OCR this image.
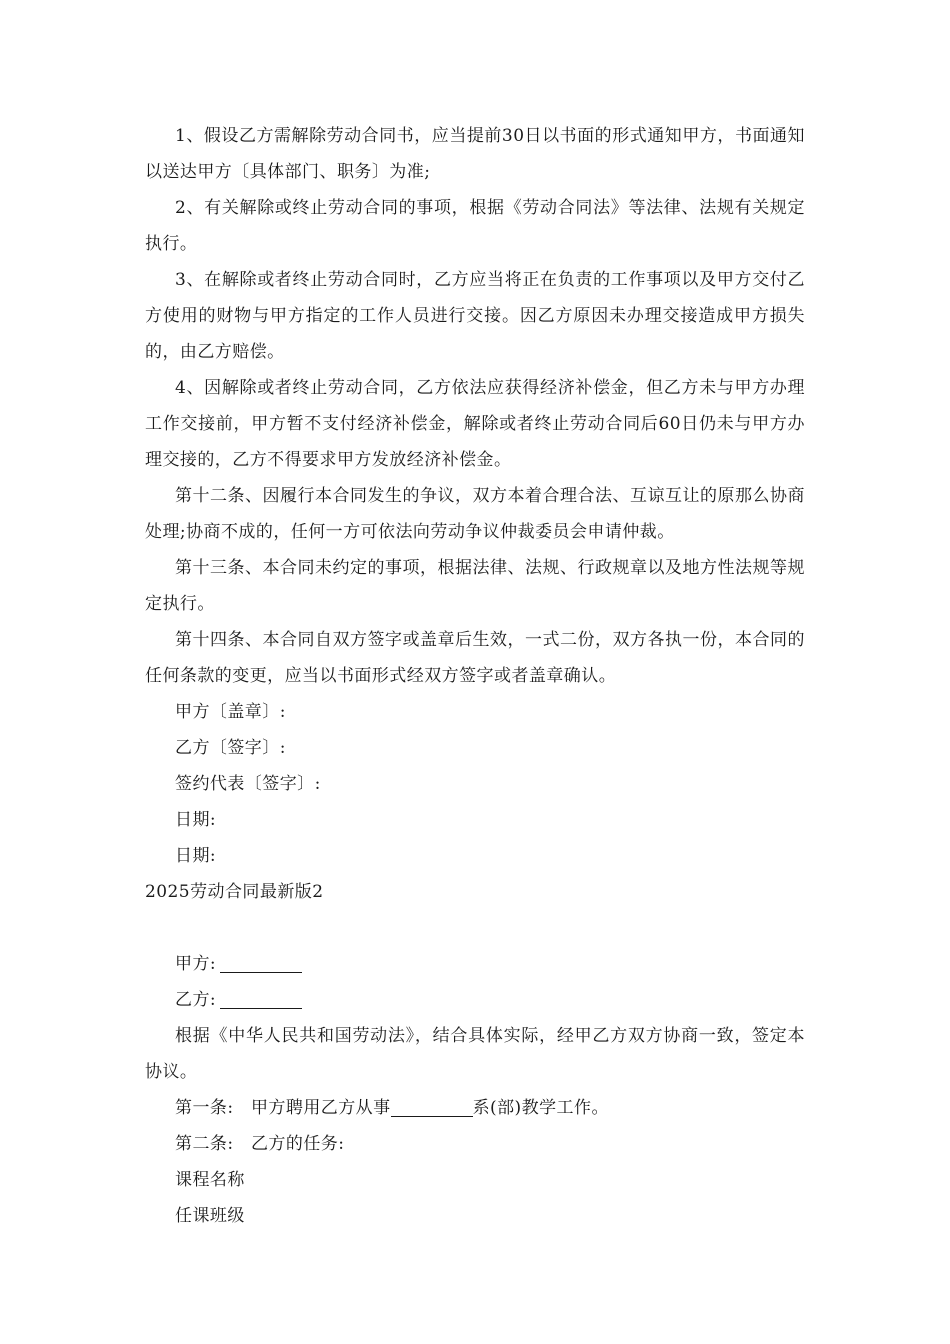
1、假设乙方需解除劳动合同书，应当提前30日以书面的形式通知甲方，书面通知以送达甲方〔具体部门、职务〕为准;

2、有关解除或终止劳动合同的事项，根据《劳动合同法》等法律、法规有关规定执行。

3、在解除或者终止劳动合同时，乙方应当将正在负责的工作事项以及甲方交付乙方使用的财物与甲方指定的工作人员进行交接。因乙方原因未办理交接造成甲方损失的，由乙方赔偿。

4、因解除或者终止劳动合同，乙方依法应获得经济补偿金，但乙方未与甲方办理工作交接前，甲方暂不支付经济补偿金，解除或者终止劳动合同后60日仍未与甲方办理交接的，乙方不得要求甲方发放经济补偿金。

第十二条、因履行本合同发生的争议，双方本着合理合法、互谅互让的原那么协商处理;协商不成的，任何一方可依法向劳动争议仲裁委员会申请仲裁。

第十三条、本合同未约定的事项，根据法律、法规、行政规章以及地方性法规等规定执行。

第十四条、本合同自双方签字或盖章后生效，一式二份，双方各执一份，本合同的任何条款的变更，应当以书面形式经双方签字或者盖章确认。

甲方〔盖章〕:

乙方〔签字〕:

签约代表〔签字〕:

日期:

日期:

2025劳动合同最新版2

甲方:

乙方:

根据《中华人民共和国劳动法》，结合具体实际，经甲乙方双方协商一致，签定本协议。

第一条:　甲方聘用乙方从事	系(部)教学工作。

第二条:　乙方的任务:

课程名称

任课班级
